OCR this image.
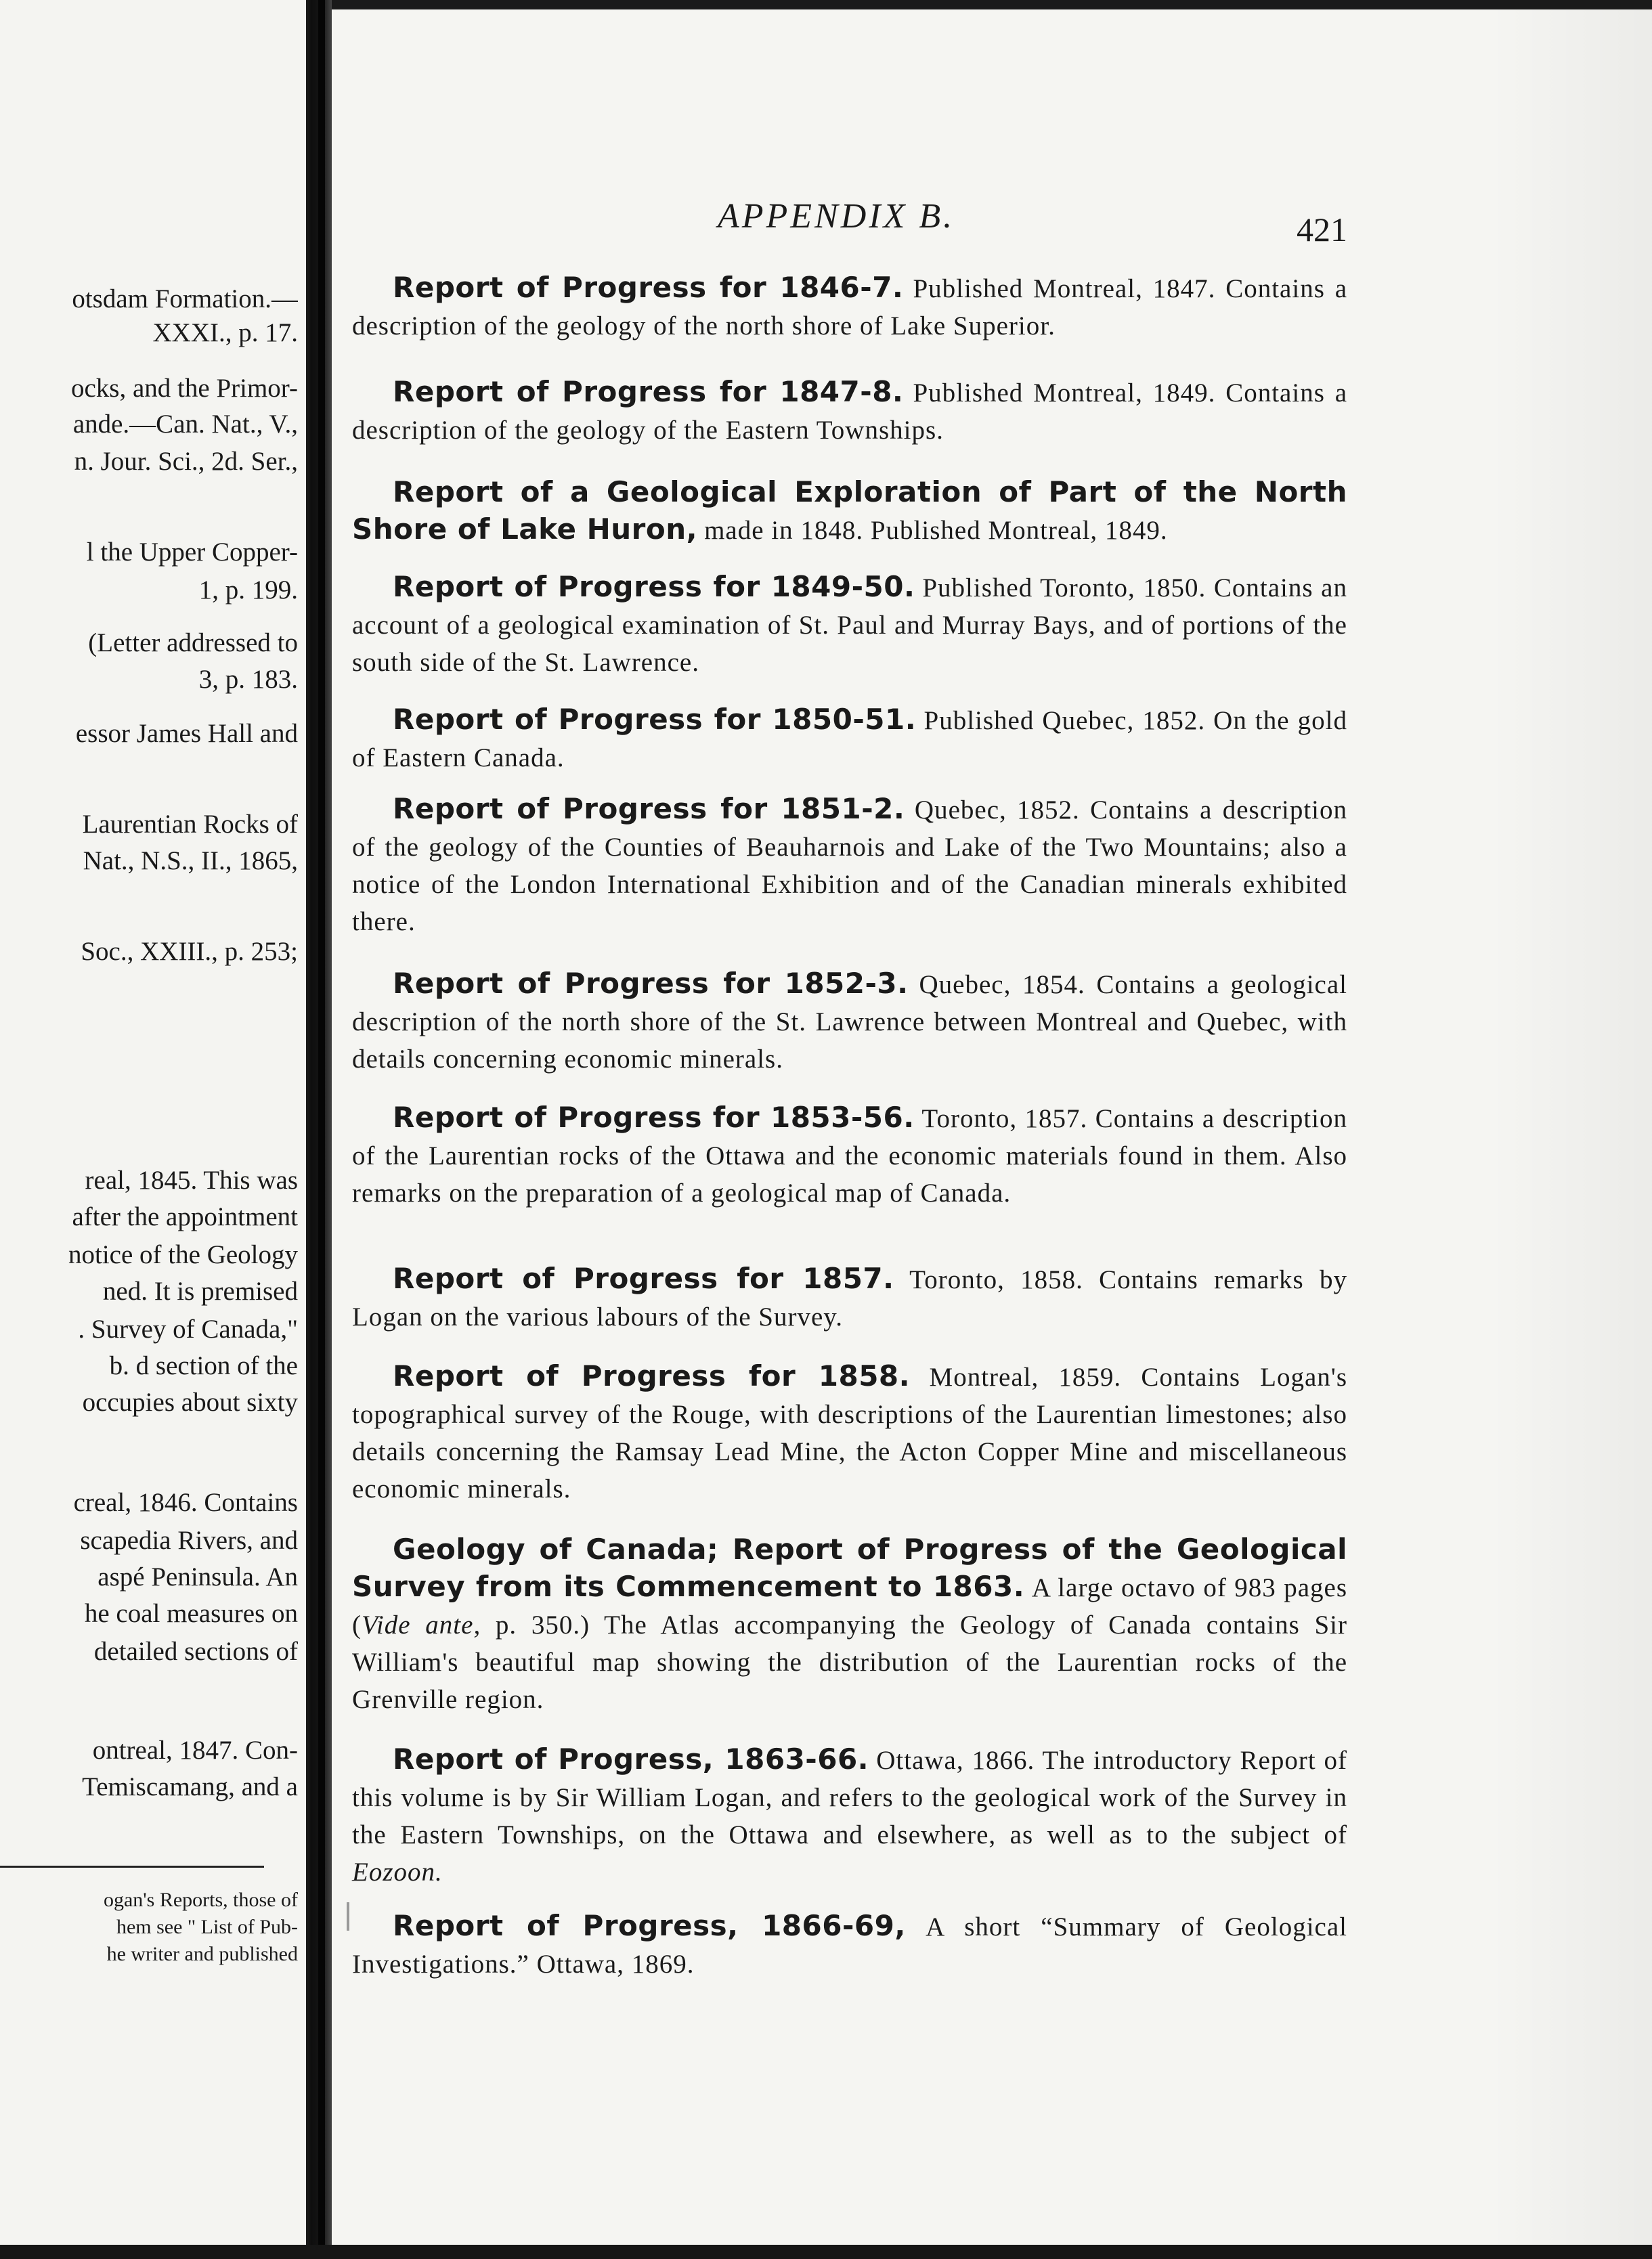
otsdam Formation.—
XXXI., p. 17.
ocks, and the Primor-
ande.—Can. Nat., V.,
n. Jour. Sci., 2d. Ser.,
l the Upper Copper-
1, p. 199.
(Letter addressed to
3, p. 183.
essor James Hall and
Laurentian Rocks of
Nat., N.S., II., 1865,
Soc., XXIII., p. 253;
real, 1845. This was
after the appointment
notice of the Geology
ned. It is premised
. Survey of Canada,"
b. d section of the
occupies about sixty
creal, 1846. Contains
scapedia Rivers, and
aspé Peninsula. An
he coal measures on
detailed sections of
ontreal, 1847. Con-
Temiscamang, and a
ogan's Reports, those of
hem see " List of Pub-
he writer and published
APPENDIX B.	421
Report of Progress for 1846-7. Published Montreal, 1847. Contains a description of the geology of the north shore of Lake Superior.
Report of Progress for 1847-8. Published Montreal, 1849. Contains a description of the geology of the Eastern Townships.
Report of a Geological Exploration of Part of the North Shore of Lake Huron, made in 1848. Published Montreal, 1849.
Report of Progress for 1849-50. Published Toronto, 1850. Contains an account of a geological examination of St. Paul and Murray Bays, and of portions of the south side of the St. Lawrence.
Report of Progress for 1850-51. Published Quebec, 1852. On the gold of Eastern Canada.
Report of Progress for 1851-2. Quebec, 1852. Contains a description of the geology of the Counties of Beauharnois and Lake of the Two Mountains; also a notice of the London International Exhibition and of the Canadian minerals exhibited there.
Report of Progress for 1852-3. Quebec, 1854. Contains a geological description of the north shore of the St. Lawrence between Montreal and Quebec, with details concerning economic minerals.
Report of Progress for 1853-56. Toronto, 1857. Contains a description of the Laurentian rocks of the Ottawa and the economic materials found in them. Also remarks on the preparation of a geological map of Canada.
Report of Progress for 1857. Toronto, 1858. Contains remarks by Logan on the various labours of the Survey.
Report of Progress for 1858. Montreal, 1859. Contains Logan's topographical survey of the Rouge, with descriptions of the Laurentian limestones; also details concerning the Ramsay Lead Mine, the Acton Copper Mine and miscellaneous economic minerals.
Geology of Canada; Report of Progress of the Geological Survey from its Commencement to 1863. A large octavo of 983 pages (Vide ante, p. 350.) The Atlas accompanying the Geology of Canada contains Sir William's beautiful map showing the distribution of the Laurentian rocks of the Grenville region.
Report of Progress, 1863-66. Ottawa, 1866. The introductory Report of this volume is by Sir William Logan, and refers to the geological work of the Survey in the Eastern Townships, on the Ottawa and elsewhere, as well as to the subject of Eozoon.
Report of Progress, 1866-69, A short “Summary of Geological Investigations.” Ottawa, 1869.
